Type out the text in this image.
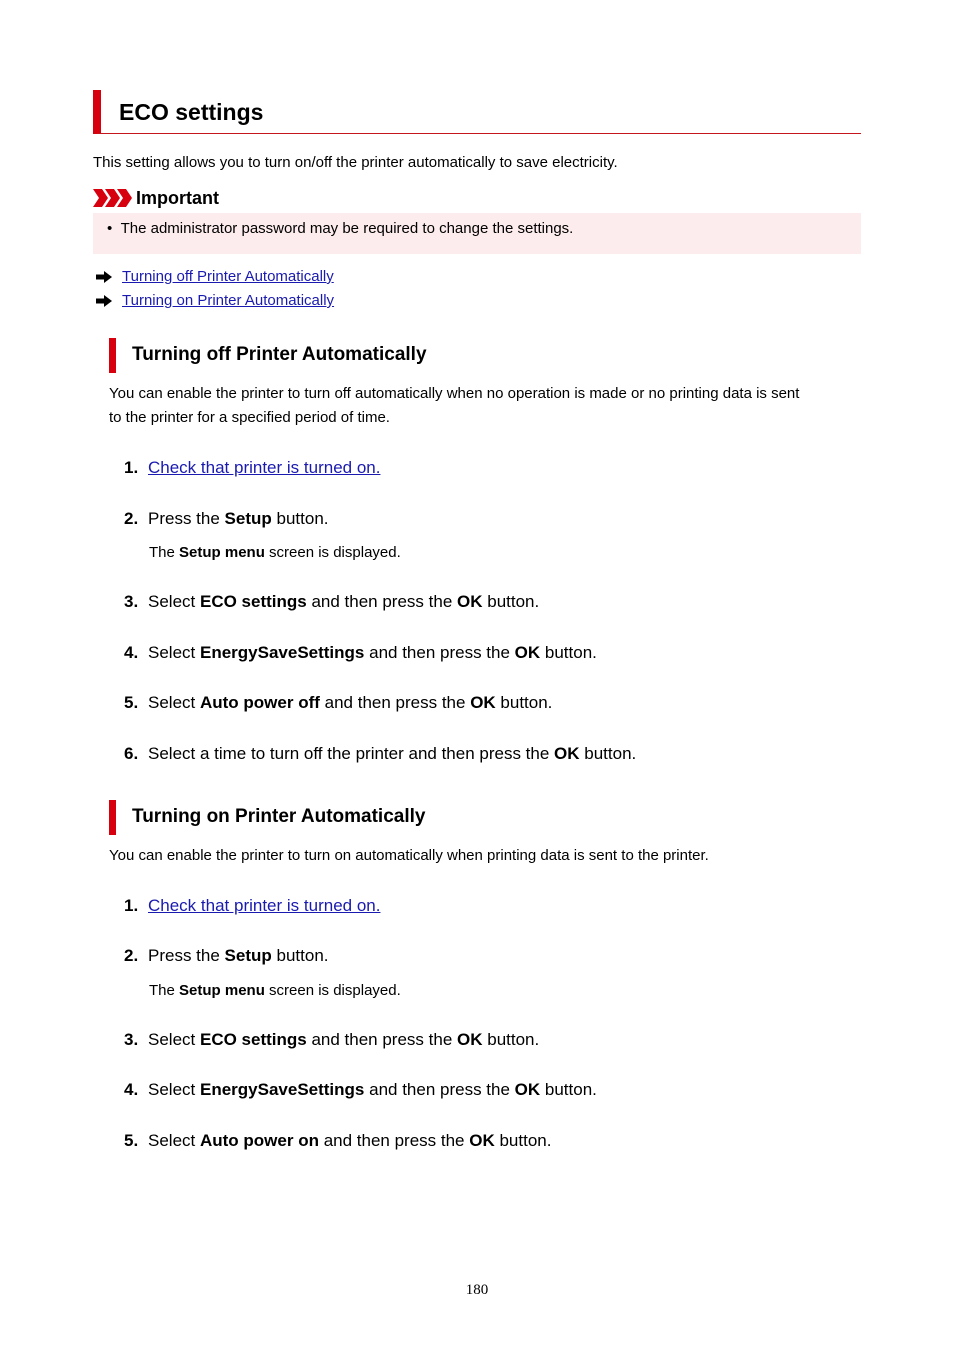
ECO settings
This setting allows you to turn on/off the printer automatically to save electricity.
Important
•  The administrator password may be required to change the settings.
Turning off Printer Automatically
Turning on Printer Automatically
Turning off Printer Automatically
You can enable the printer to turn off automatically when no operation is made or no printing data is sent
to the printer for a specified period of time.
1. Check that printer is turned on.
2. Press the Setup button.
The Setup menu screen is displayed.
3. Select ECO settings and then press the OK button.
4. Select EnergySaveSettings and then press the OK button.
5. Select Auto power off and then press the OK button.
6. Select a time to turn off the printer and then press the OK button.
Turning on Printer Automatically
You can enable the printer to turn on automatically when printing data is sent to the printer.
1. Check that printer is turned on.
2. Press the Setup button.
The Setup menu screen is displayed.
3. Select ECO settings and then press the OK button.
4. Select EnergySaveSettings and then press the OK button.
5. Select Auto power on and then press the OK button.
180
